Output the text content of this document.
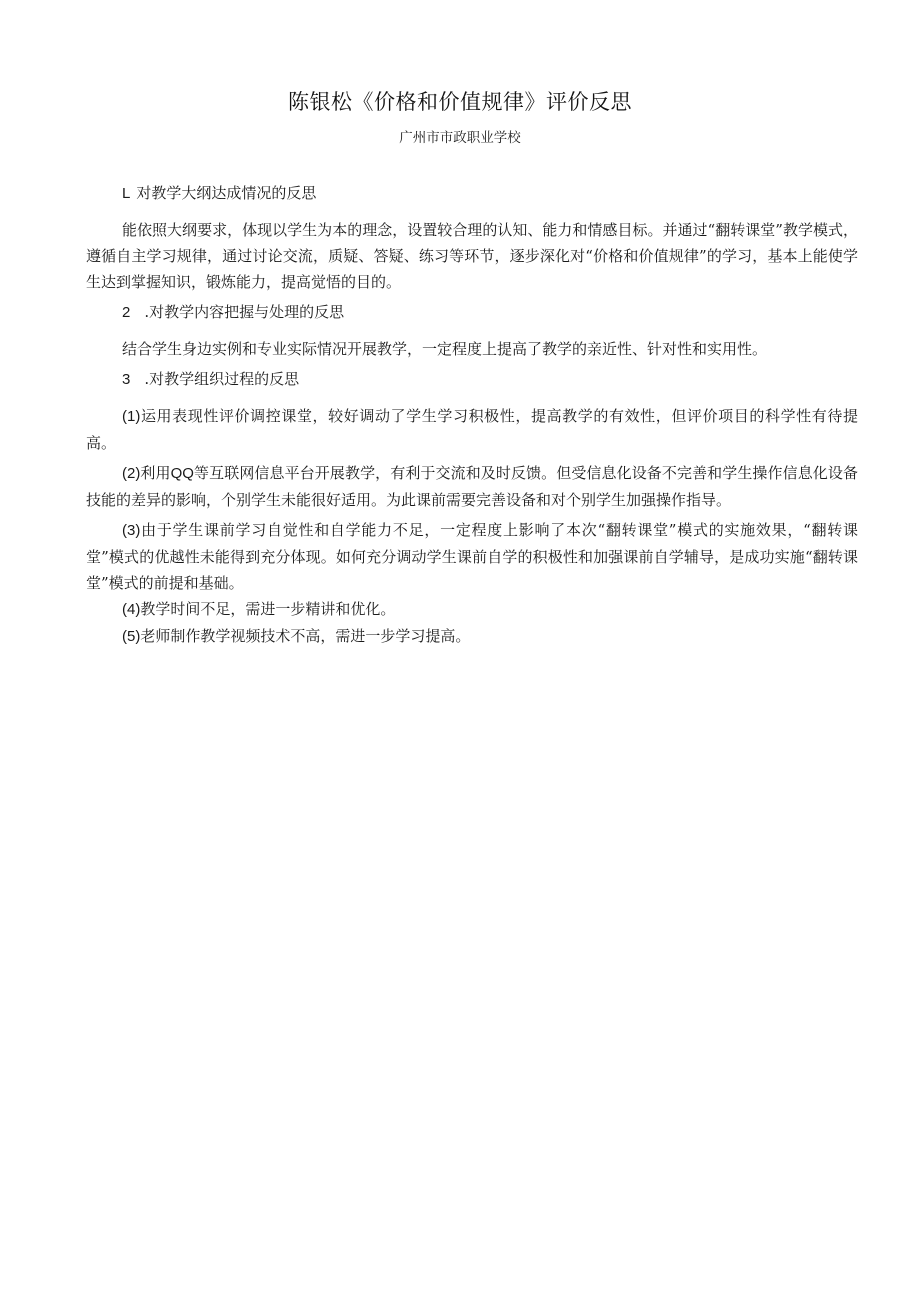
陈银松《价格和价值规律》评价反思
广州市市政职业学校

L 对教学大纲达成情况的反思

能依照大纲要求，体现以学生为本的理念，设置较合理的认知、能力和情感目标。并通过“翻转课堂”教学模式，遵循自主学习规律，通过讨论交流，质疑、答疑、练习等环节，逐步深化对“价格和价值规律”的学习，基本上能使学生达到掌握知识，锻炼能力，提高觉悟的目的。

2 .对教学内容把握与处理的反思

结合学生身边实例和专业实际情况开展教学，一定程度上提高了教学的亲近性、针对性和实用性。

3 .对教学组织过程的反思

(1)运用表现性评价调控课堂，较好调动了学生学习积极性，提高教学的有效性，但评价项目的科学性有待提高。

(2)利用QQ等互联网信息平台开展教学，有利于交流和及时反馈。但受信息化设备不完善和学生操作信息化设备技能的差异的影响，个别学生未能很好适用。为此课前需要完善设备和对个别学生加强操作指导。

(3)由于学生课前学习自觉性和自学能力不足，一定程度上影响了本次“翻转课堂”模式的实施效果，“翻转课堂”模式的优越性未能得到充分体现。如何充分调动学生课前自学的积极性和加强课前自学辅导，是成功实施“翻转课堂”模式的前提和基础。

(4)教学时间不足，需进一步精讲和优化。

(5)老师制作教学视频技术不高，需进一步学习提高。
